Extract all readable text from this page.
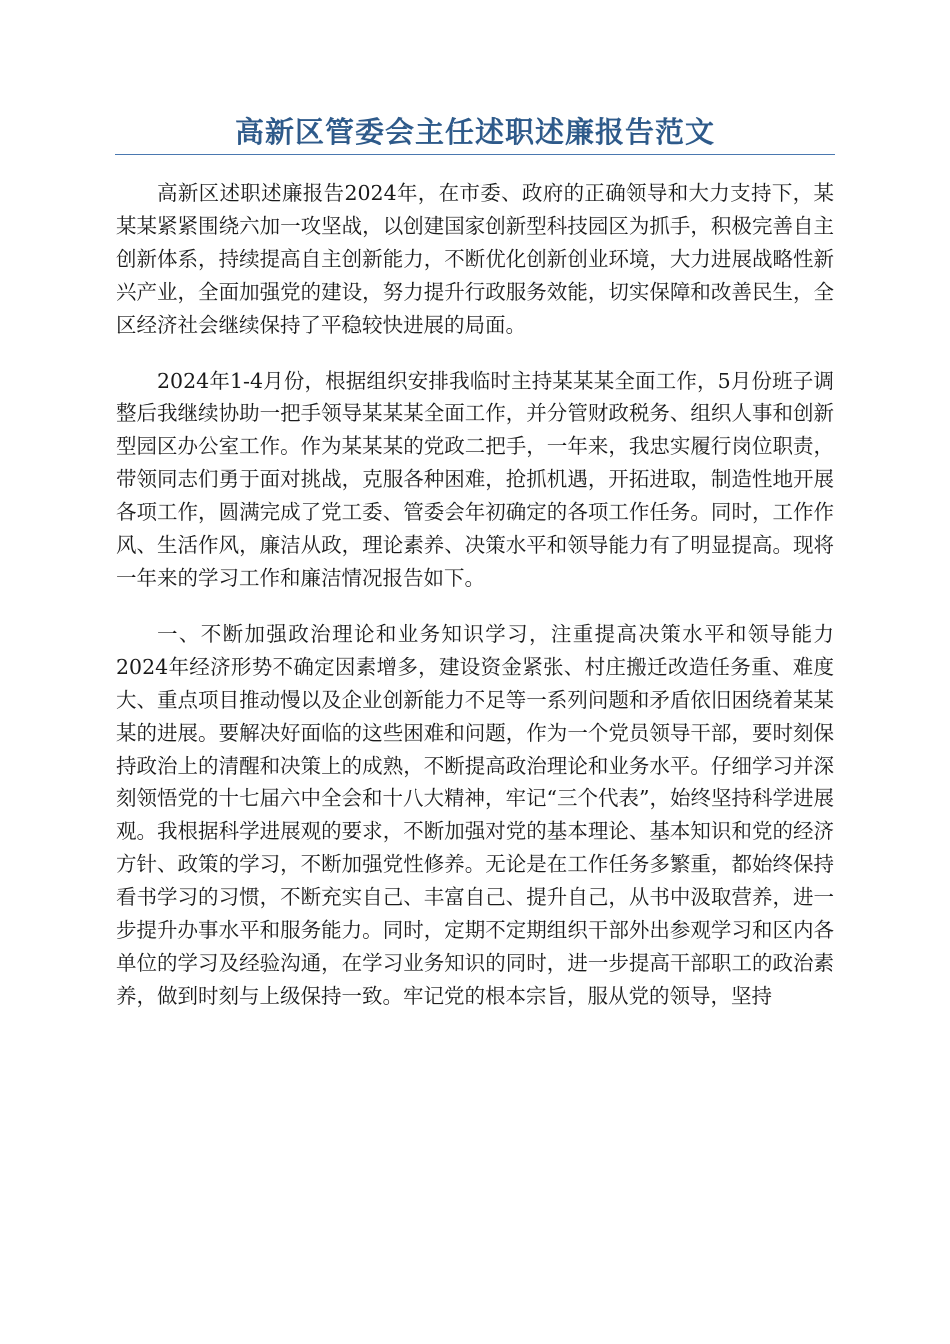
高新区管委会主任述职述廉报告范文

高新区述职述廉报告2024年，在市委、政府的正确领导和大力支持下，某某某紧紧围绕六加一攻坚战，以创建国家创新型科技园区为抓手，积极完善自主创新体系，持续提高自主创新能力，不断优化创新创业环境，大力进展战略性新兴产业，全面加强党的建设，努力提升行政服务效能，切实保障和改善民生，全区经济社会继续保持了平稳较快进展的局面。

2024年1-4月份，根据组织安排我临时主持某某某全面工作，5月份班子调整后我继续协助一把手领导某某某全面工作，并分管财政税务、组织人事和创新型园区办公室工作。作为某某某的党政二把手，一年来，我忠实履行岗位职责，带领同志们勇于面对挑战，克服各种困难，抢抓机遇，开拓进取，制造性地开展各项工作，圆满完成了党工委、管委会年初确定的各项工作任务。同时，工作作风、生活作风，廉洁从政，理论素养、决策水平和领导能力有了明显提高。现将一年来的学习工作和廉洁情况报告如下。

一、不断加强政治理论和业务知识学习，注重提高决策水平和领导能力2024年经济形势不确定因素增多，建设资金紧张、村庄搬迁改造任务重、难度大、重点项目推动慢以及企业创新能力不足等一系列问题和矛盾依旧困绕着某某某的进展。要解决好面临的这些困难和问题，作为一个党员领导干部，要时刻保持政治上的清醒和决策上的成熟，不断提高政治理论和业务水平。仔细学习并深刻领悟党的十七届六中全会和十八大精神，牢记“三个代表”，始终坚持科学进展观。我根据科学进展观的要求，不断加强对党的基本理论、基本知识和党的经济方针、政策的学习，不断加强党性修养。无论是在工作任务多繁重，都始终保持看书学习的习惯，不断充实自己、丰富自己、提升自己，从书中汲取营养，进一步提升办事水平和服务能力。同时，定期不定期组织干部外出参观学习和区内各单位的学习及经验沟通，在学习业务知识的同时，进一步提高干部职工的政治素养，做到时刻与上级保持一致。牢记党的根本宗旨，服从党的领导，坚持
